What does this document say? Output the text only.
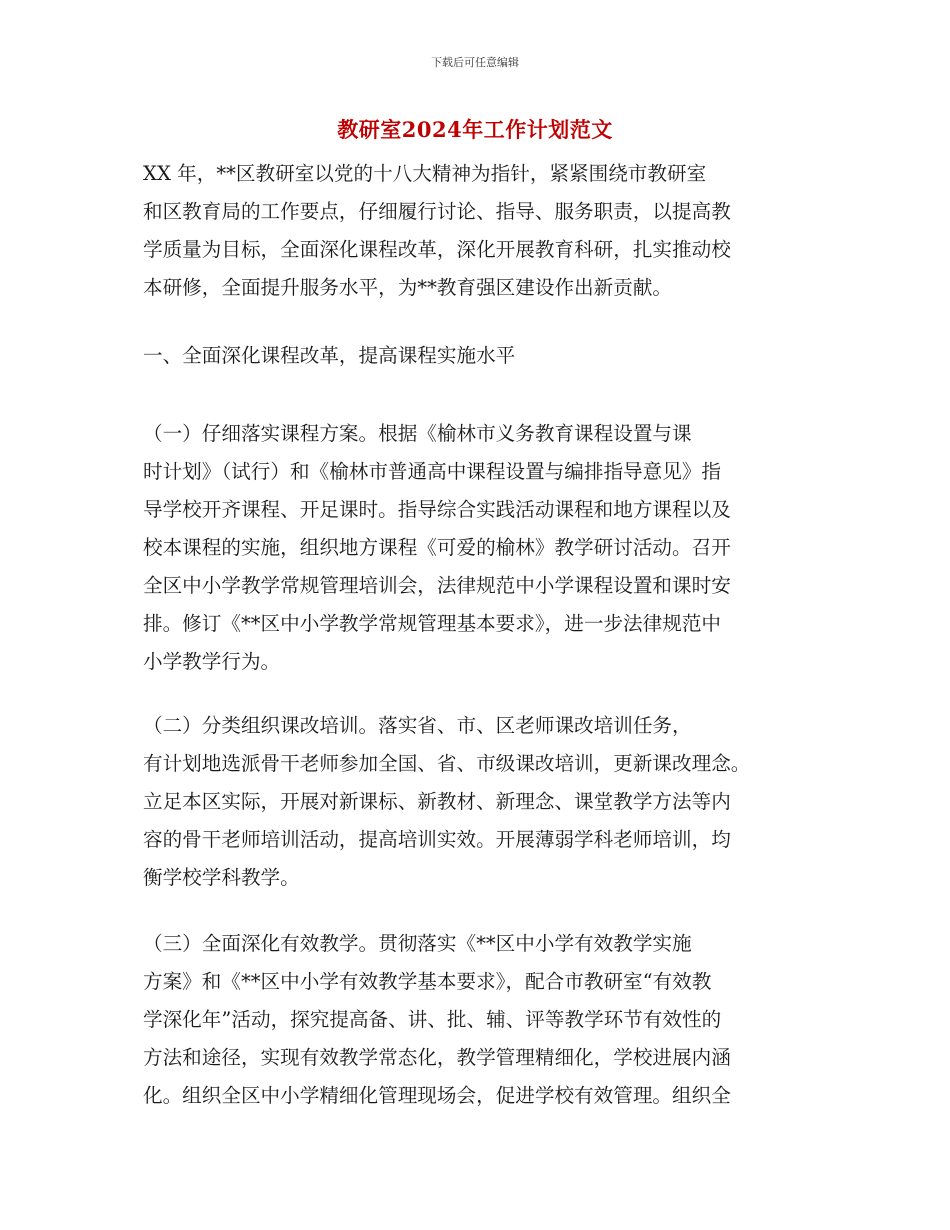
下载后可任意编辑
教研室2024年工作计划范文
XX 年，**区教研室以党的十八大精神为指针，紧紧围绕市教研室
和区教育局的工作要点，仔细履行讨论、指导、服务职责，以提高教
学质量为目标，全面深化课程改革，深化开展教育科研，扎实推动校
本研修，全面提升服务水平，为**教育强区建设作出新贡献。
一、全面深化课程改革，提高课程实施水平
（一）仔细落实课程方案。根据《榆林市义务教育课程设置与课
时计划》（试行）和《榆林市普通高中课程设置与编排指导意见》指
导学校开齐课程、开足课时。指导综合实践活动课程和地方课程以及
校本课程的实施，组织地方课程《可爱的榆林》教学研讨活动。召开
全区中小学教学常规管理培训会，法律规范中小学课程设置和课时安
排。修订《**区中小学教学常规管理基本要求》，进一步法律规范中
小学教学行为。
（二）分类组织课改培训。落实省、市、区老师课改培训任务，
有计划地选派骨干老师参加全国、省、市级课改培训，更新课改理念。
立足本区实际，开展对新课标、新教材、新理念、课堂教学方法等内
容的骨干老师培训活动，提高培训实效。开展薄弱学科老师培训，均
衡学校学科教学。
（三）全面深化有效教学。贯彻落实《**区中小学有效教学实施
方案》和《**区中小学有效教学基本要求》，配合市教研室“有效教
学深化年”活动，探究提高备、讲、批、辅、评等教学环节有效性的
方法和途径，实现有效教学常态化，教学管理精细化，学校进展内涵
化。组织全区中小学精细化管理现场会，促进学校有效管理。组织全
